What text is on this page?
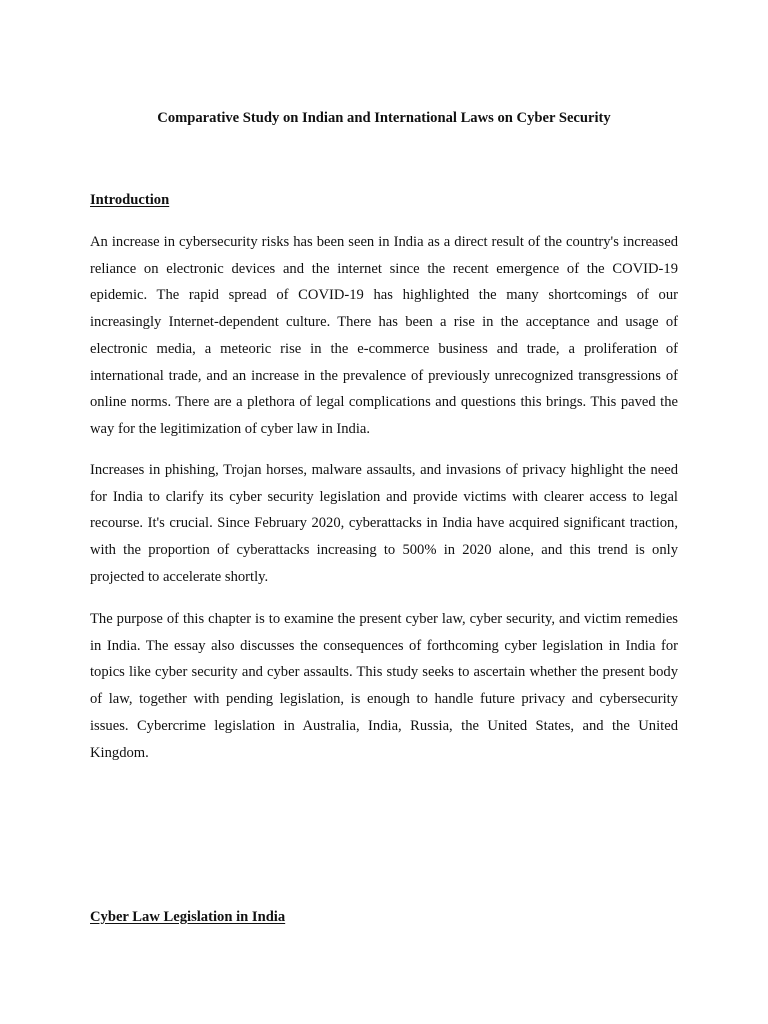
Comparative Study on Indian and International Laws on Cyber Security
Introduction

An increase in cybersecurity risks has been seen in India as a direct result of the country's increased reliance on electronic devices and the internet since the recent emergence of the COVID-19 epidemic. The rapid spread of COVID-19 has highlighted the many shortcomings of our increasingly Internet-dependent culture. There has been a rise in the acceptance and usage of electronic media, a meteoric rise in the e-commerce business and trade, a proliferation of international trade, and an increase in the prevalence of previously unrecognized transgressions of online norms. There are a plethora of legal complications and questions this brings. This paved the way for the legitimization of cyber law in India.

Increases in phishing, Trojan horses, malware assaults, and invasions of privacy highlight the need for India to clarify its cyber security legislation and provide victims with clearer access to legal recourse. It's crucial. Since February 2020, cyberattacks in India have acquired significant traction, with the proportion of cyberattacks increasing to 500% in 2020 alone, and this trend is only projected to accelerate shortly.

The purpose of this chapter is to examine the present cyber law, cyber security, and victim remedies in India. The essay also discusses the consequences of forthcoming cyber legislation in India for topics like cyber security and cyber assaults. This study seeks to ascertain whether the present body of law, together with pending legislation, is enough to handle future privacy and cybersecurity issues. Cybercrime legislation in Australia, India, Russia, the United States, and the United Kingdom.

Cyber Law Legislation in India
